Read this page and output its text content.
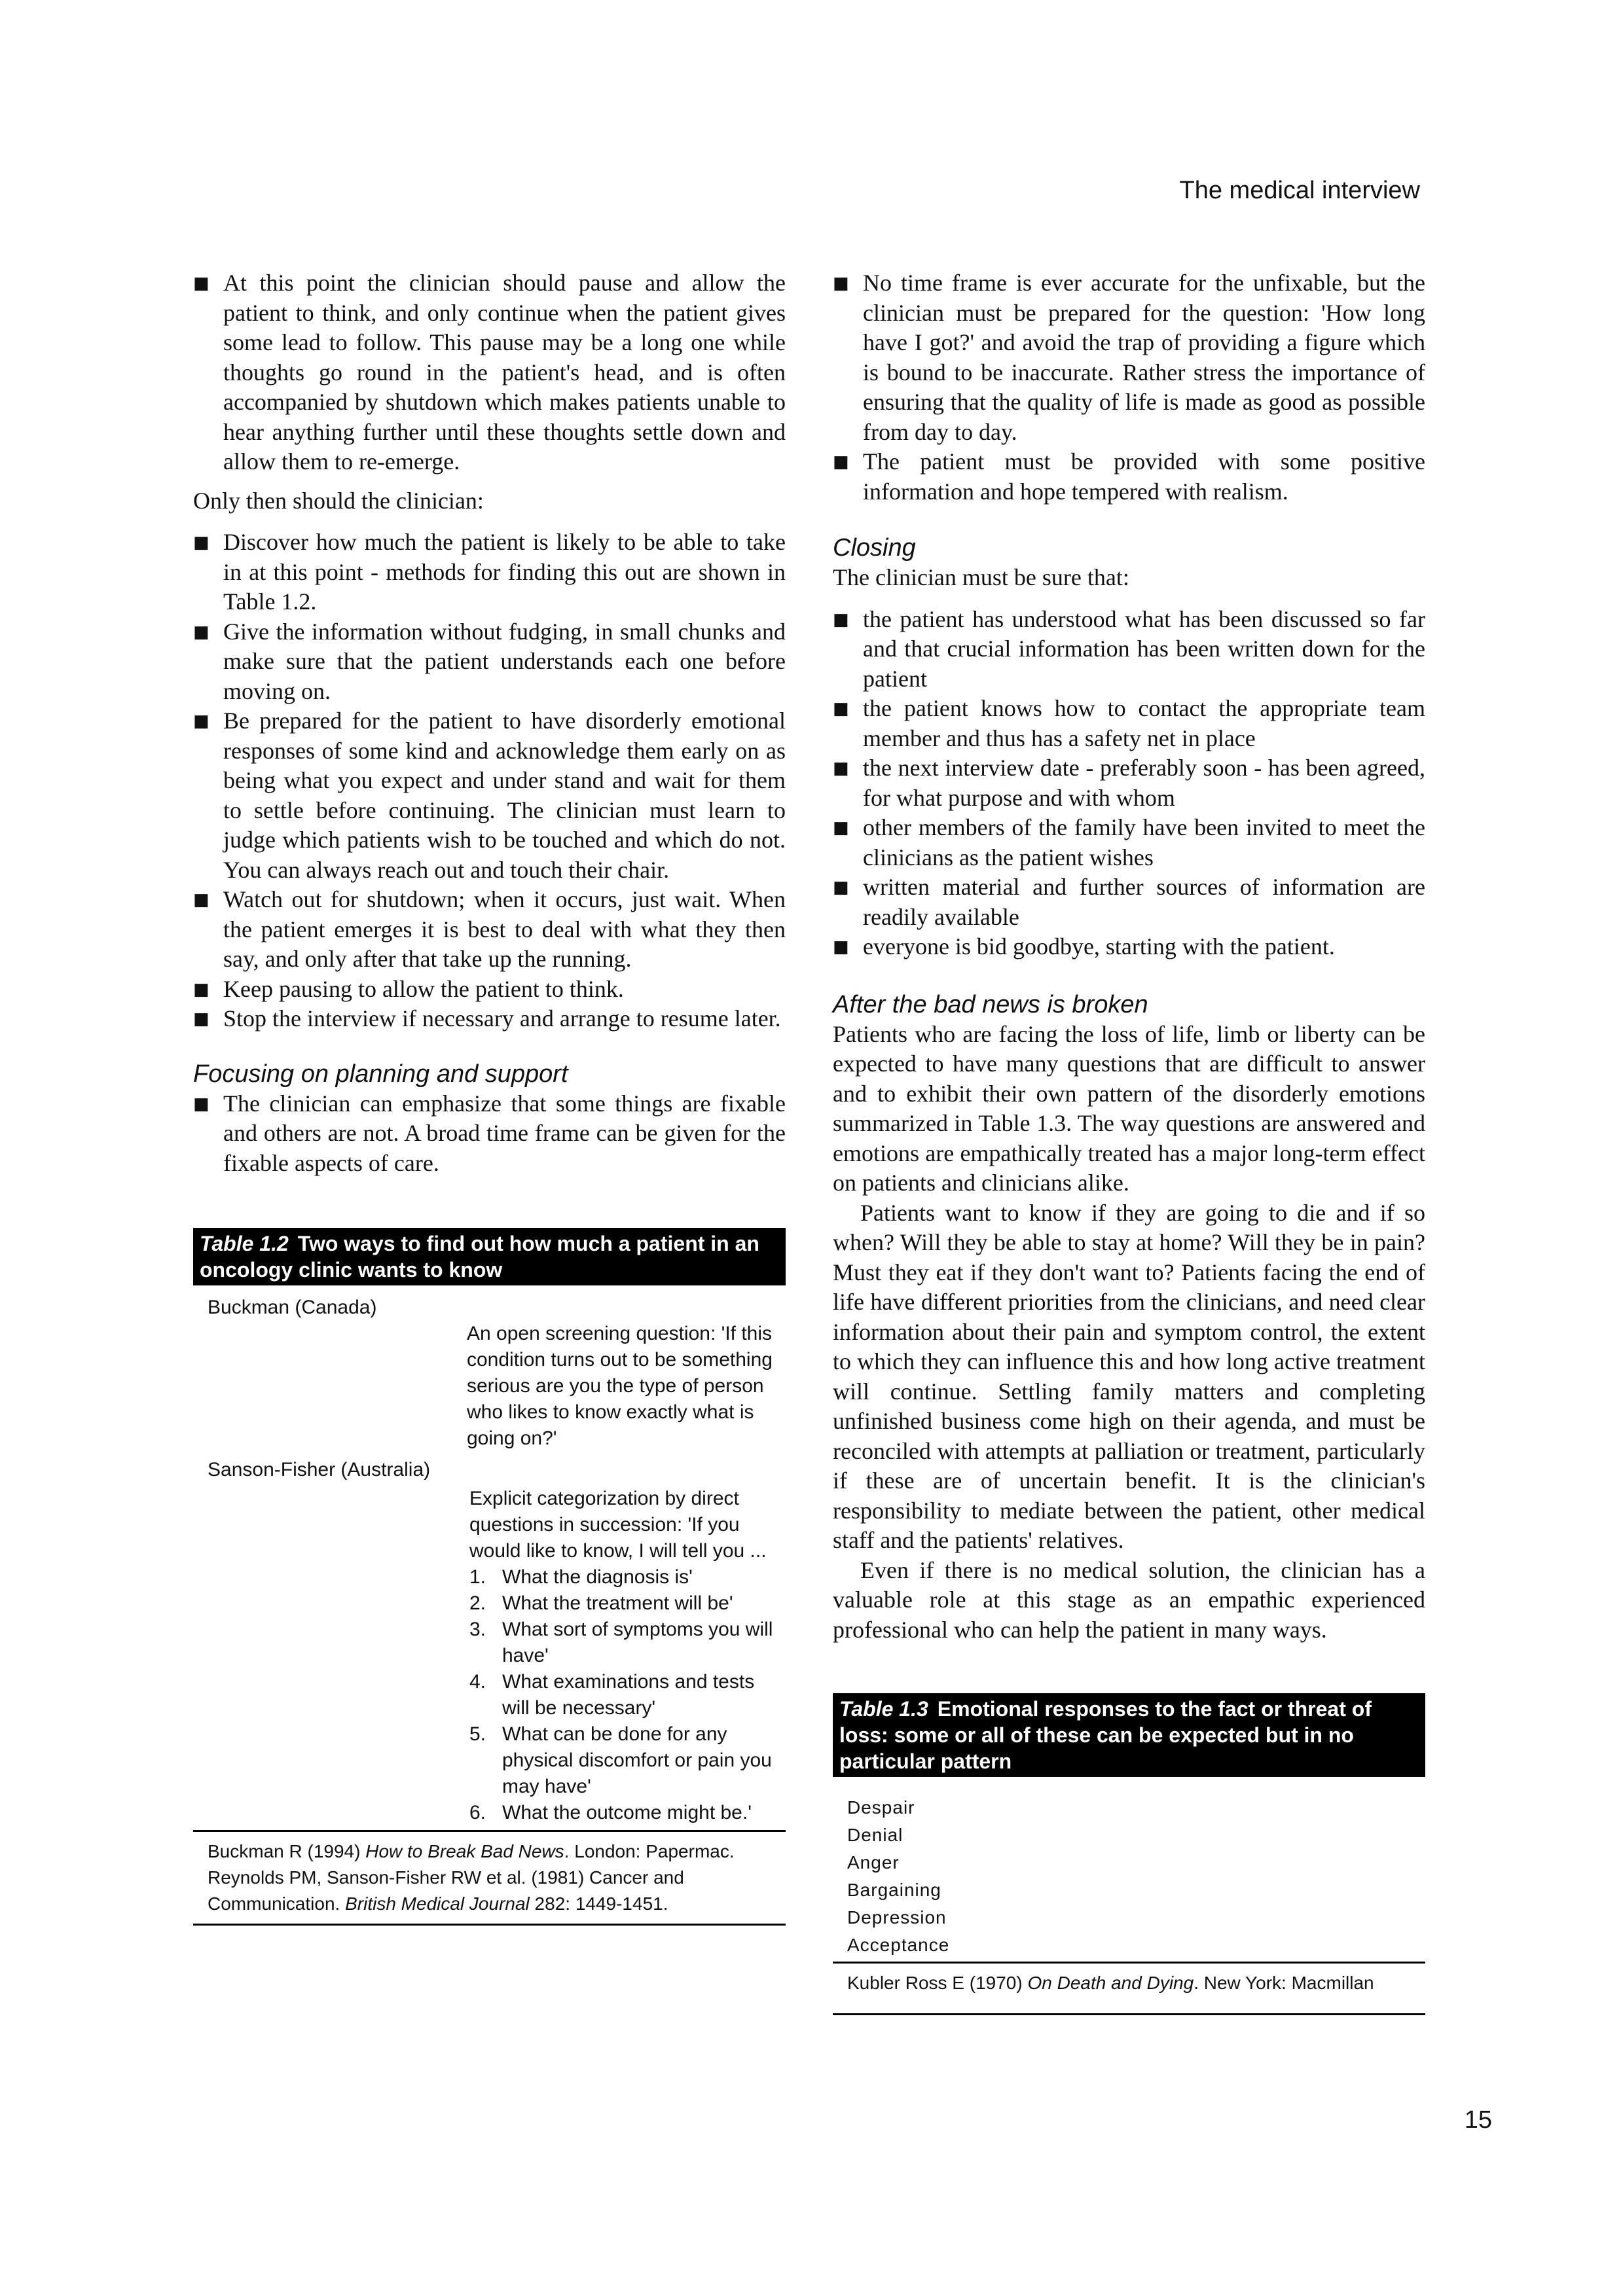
The medical interview
■ At this point the clinician should pause and allow the patient to think, and only continue when the patient gives some lead to follow. This pause may be a long one while thoughts go round in the patient's head, and is often accompanied by shutdown which makes patients unable to hear anything further until these thoughts settle down and allow them to re-emerge.

Only then should the clinician:

■ Discover how much the patient is likely to be able to take in at this point - methods for finding this out are shown in Table 1.2.
■ Give the information without fudging, in small chunks and make sure that the patient understands each one before moving on.
■ Be prepared for the patient to have disorderly emotional responses of some kind and acknowledge them early on as being what you expect and under stand and wait for them to settle before continuing. The clinician must learn to judge which patients wish to be touched and which do not. You can always reach out and touch their chair.
■ Watch out for shutdown; when it occurs, just wait. When the patient emerges it is best to deal with what they then say, and only after that take up the running.
■ Keep pausing to allow the patient to think.
■ Stop the interview if necessary and arrange to resume later.

Focusing on planning and support

■ The clinician can emphasize that some things are fixable and others are not. A broad time frame can be given for the fixable aspects of care.
Table 1.2 Two ways to find out how much a patient in an oncology clinic wants to know
Buckman (Canada)
An open screening question: 'If this condition turns out to be something serious are you the type of person who likes to know exactly what is going on?'
Sanson-Fisher (Australia)
Explicit categorization by direct questions in succession: 'If you would like to know, I will tell you ...
1. What the diagnosis is'
2. What the treatment will be'
3. What sort of symptoms you will have'
4. What examinations and tests will be necessary'
5. What can be done for any physical discomfort or pain you may have'
6. What the outcome might be.'
Buckman R (1994) How to Break Bad News. London: Papermac.
Reynolds PM, Sanson-Fisher RW et al. (1981) Cancer and Communication. British Medical Journal 282: 1449-1451.
■ No time frame is ever accurate for the unfixable, but the clinician must be prepared for the question: 'How long have I got?' and avoid the trap of providing a figure which is bound to be inaccurate. Rather stress the importance of ensuring that the quality of life is made as good as possible from day to day.
■ The patient must be provided with some positive information and hope tempered with realism.

Closing

The clinician must be sure that:

■ the patient has understood what has been discussed so far and that crucial information has been written down for the patient
■ the patient knows how to contact the appropriate team member and thus has a safety net in place
■ the next interview date - preferably soon - has been agreed, for what purpose and with whom
■ other members of the family have been invited to meet the clinicians as the patient wishes
■ written material and further sources of information are readily available
■ everyone is bid goodbye, starting with the patient.

After the bad news is broken

Patients who are facing the loss of life, limb or liberty can be expected to have many questions that are difficult to answer and to exhibit their own pattern of the disorderly emotions summarized in Table 1.3. The way questions are answered and emotions are empathically treated has a major long-term effect on patients and clinicians alike.

Patients want to know if they are going to die and if so when? Will they be able to stay at home? Will they be in pain? Must they eat if they don't want to? Patients facing the end of life have different priorities from the clinicians, and need clear information about their pain and symptom control, the extent to which they can influence this and how long active treatment will continue. Settling family matters and completing unfinished business come high on their agenda, and must be reconciled with attempts at palliation or treatment, particularly if these are of uncertain benefit. It is the clinician's responsibility to mediate between the patient, other medical staff and the patients' relatives.

Even if there is no medical solution, the clinician has a valuable role at this stage as an empathic experienced professional who can help the patient in many ways.

Table 1.3 Emotional responses to the fact or threat of loss: some or all of these can be expected but in no particular pattern
Despair
Denial
Anger
Bargaining
Depression
Acceptance
Kubler Ross E (1970) On Death and Dying. New York: Macmillan
15
